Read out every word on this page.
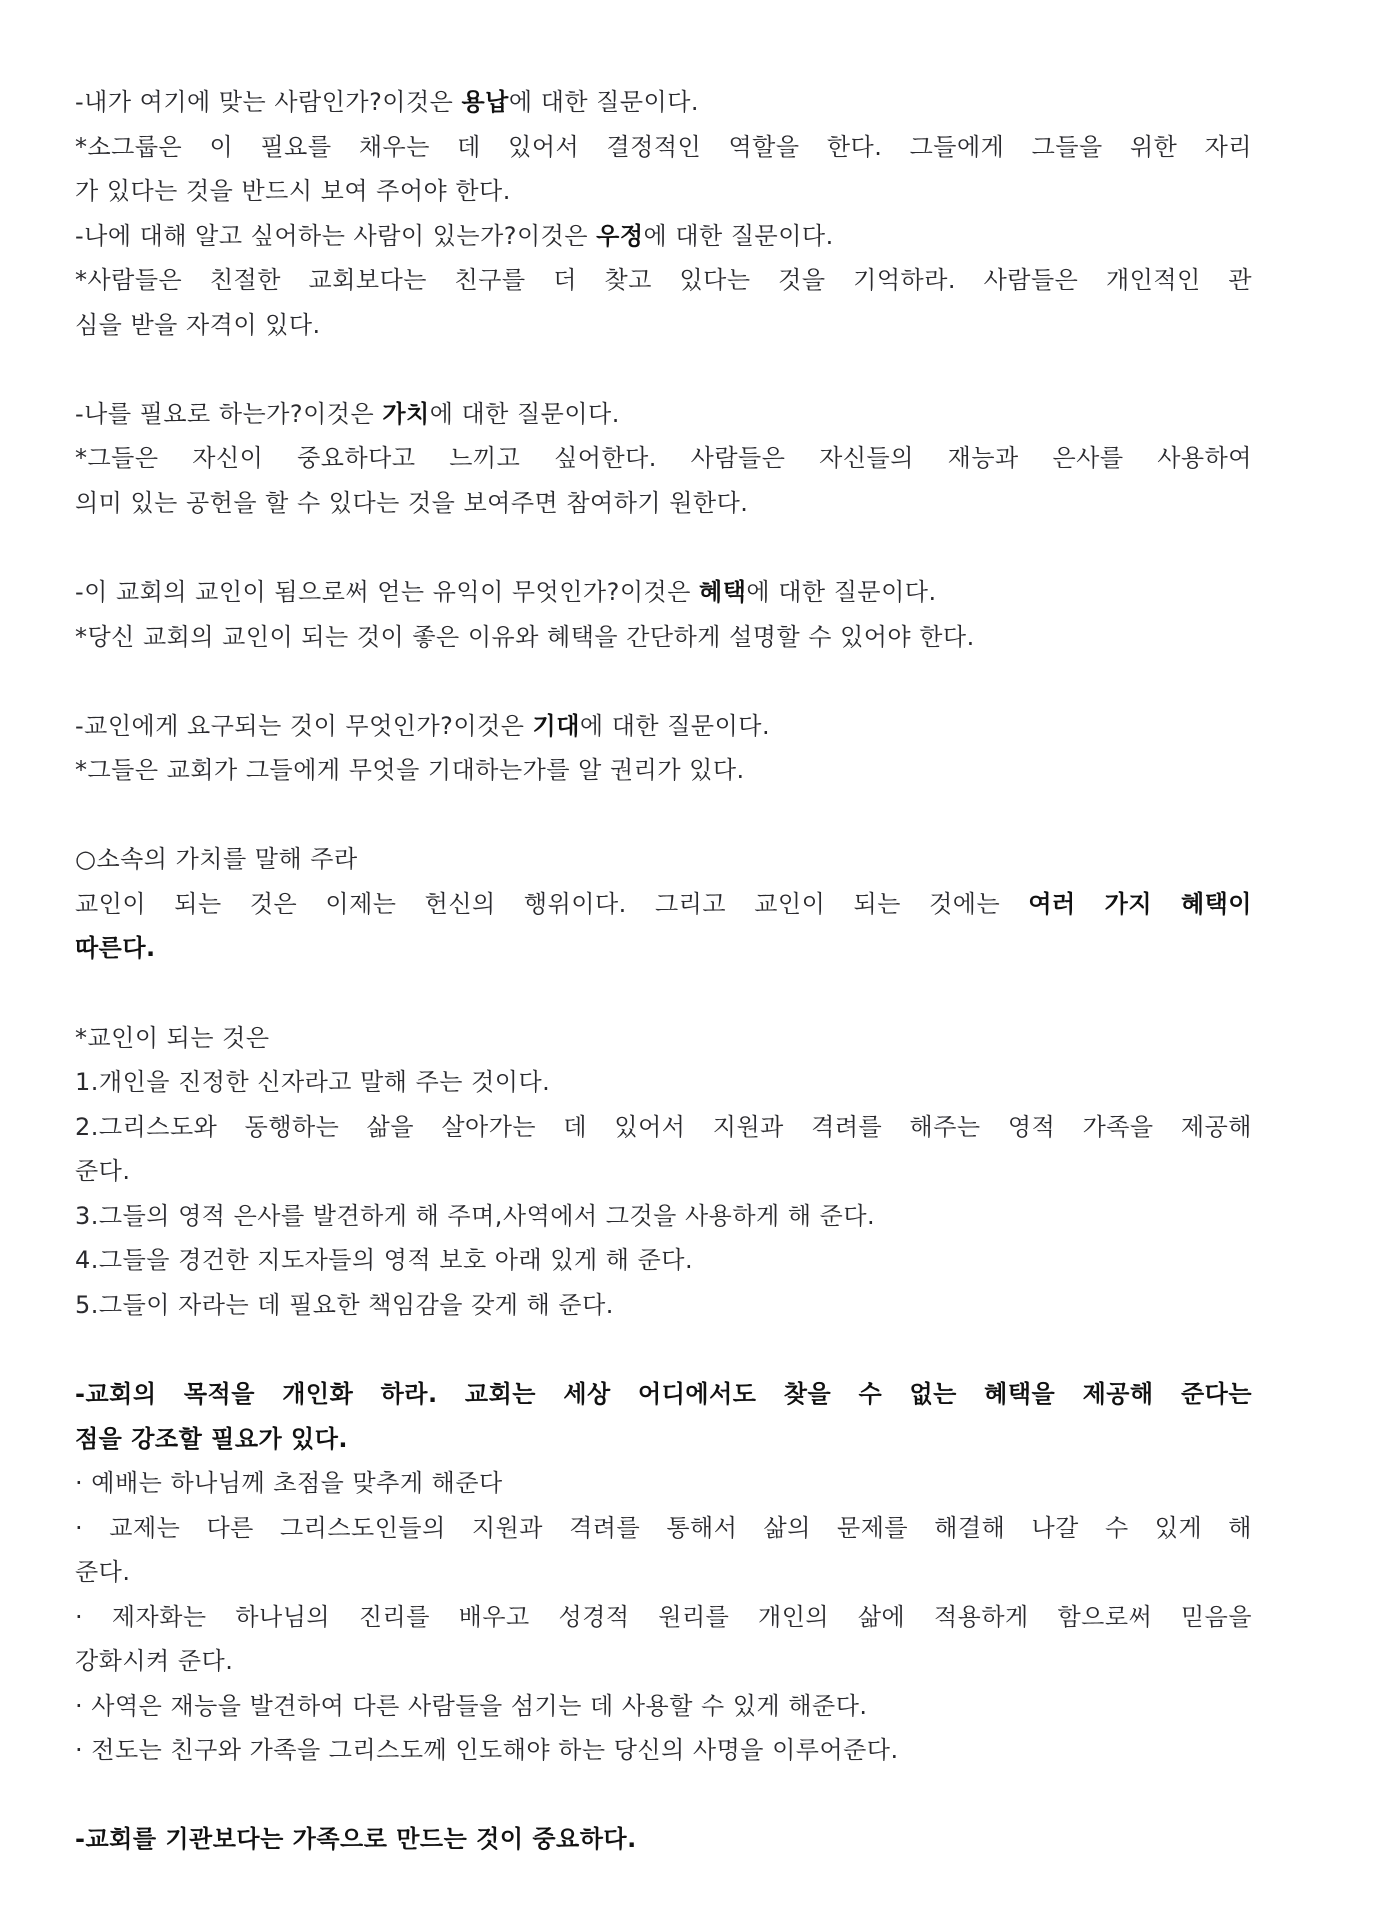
-내가 여기에 맞는 사람인가?이것은 용납에 대한 질문이다.
*소그룹은 이 필요를 채우는 데 있어서 결정적인 역할을 한다. 그들에게 그들을 위한 자리
가 있다는 것을 반드시 보여 주어야 한다.
-나에 대해 알고 싶어하는 사람이 있는가?이것은 우정에 대한 질문이다.
*사람들은 친절한 교회보다는 친구를 더 찾고 있다는 것을 기억하라. 사람들은 개인적인 관
심을 받을 자격이 있다.
-나를 필요로 하는가?이것은 가치에 대한 질문이다.
*그들은 자신이 중요하다고 느끼고 싶어한다. 사람들은 자신들의 재능과 은사를 사용하여
의미 있는 공헌을 할 수 있다는 것을 보여주면 참여하기 원한다.
-이 교회의 교인이 됨으로써 얻는 유익이 무엇인가?이것은 혜택에 대한 질문이다.
*당신 교회의 교인이 되는 것이 좋은 이유와 혜택을 간단하게 설명할 수 있어야 한다.
-교인에게 요구되는 것이 무엇인가?이것은 기대에 대한 질문이다.
*그들은 교회가 그들에게 무엇을 기대하는가를 알 권리가 있다.
○소속의 가치를 말해 주라
교인이 되는 것은 이제는 헌신의 행위이다. 그리고 교인이 되는 것에는 여러 가지 혜택이
따른다.
*교인이 되는 것은
1.개인을 진정한 신자라고 말해 주는 것이다.
2.그리스도와 동행하는 삶을 살아가는 데 있어서 지원과 격려를 해주는 영적 가족을 제공해
준다.
3.그들의 영적 은사를 발견하게 해 주며,사역에서 그것을 사용하게 해 준다.
4.그들을 경건한 지도자들의 영적 보호 아래 있게 해 준다.
5.그들이 자라는 데 필요한 책임감을 갖게 해 준다.
-교회의 목적을 개인화 하라. 교회는 세상 어디에서도 찾을 수 없는 혜택을 제공해 준다는
점을 강조할 필요가 있다.
· 예배는 하나님께 초점을 맞추게 해준다
· 교제는 다른 그리스도인들의 지원과 격려를 통해서 삶의 문제를 해결해 나갈 수 있게 해
준다.
· 제자화는 하나님의 진리를 배우고 성경적 원리를 개인의 삶에 적용하게 함으로써 믿음을
강화시켜 준다.
· 사역은 재능을 발견하여 다른 사람들을 섬기는 데 사용할 수 있게 해준다.
· 전도는 친구와 가족을 그리스도께 인도해야 하는 당신의 사명을 이루어준다.
-교회를 기관보다는 가족으로 만드는 것이 중요하다.
